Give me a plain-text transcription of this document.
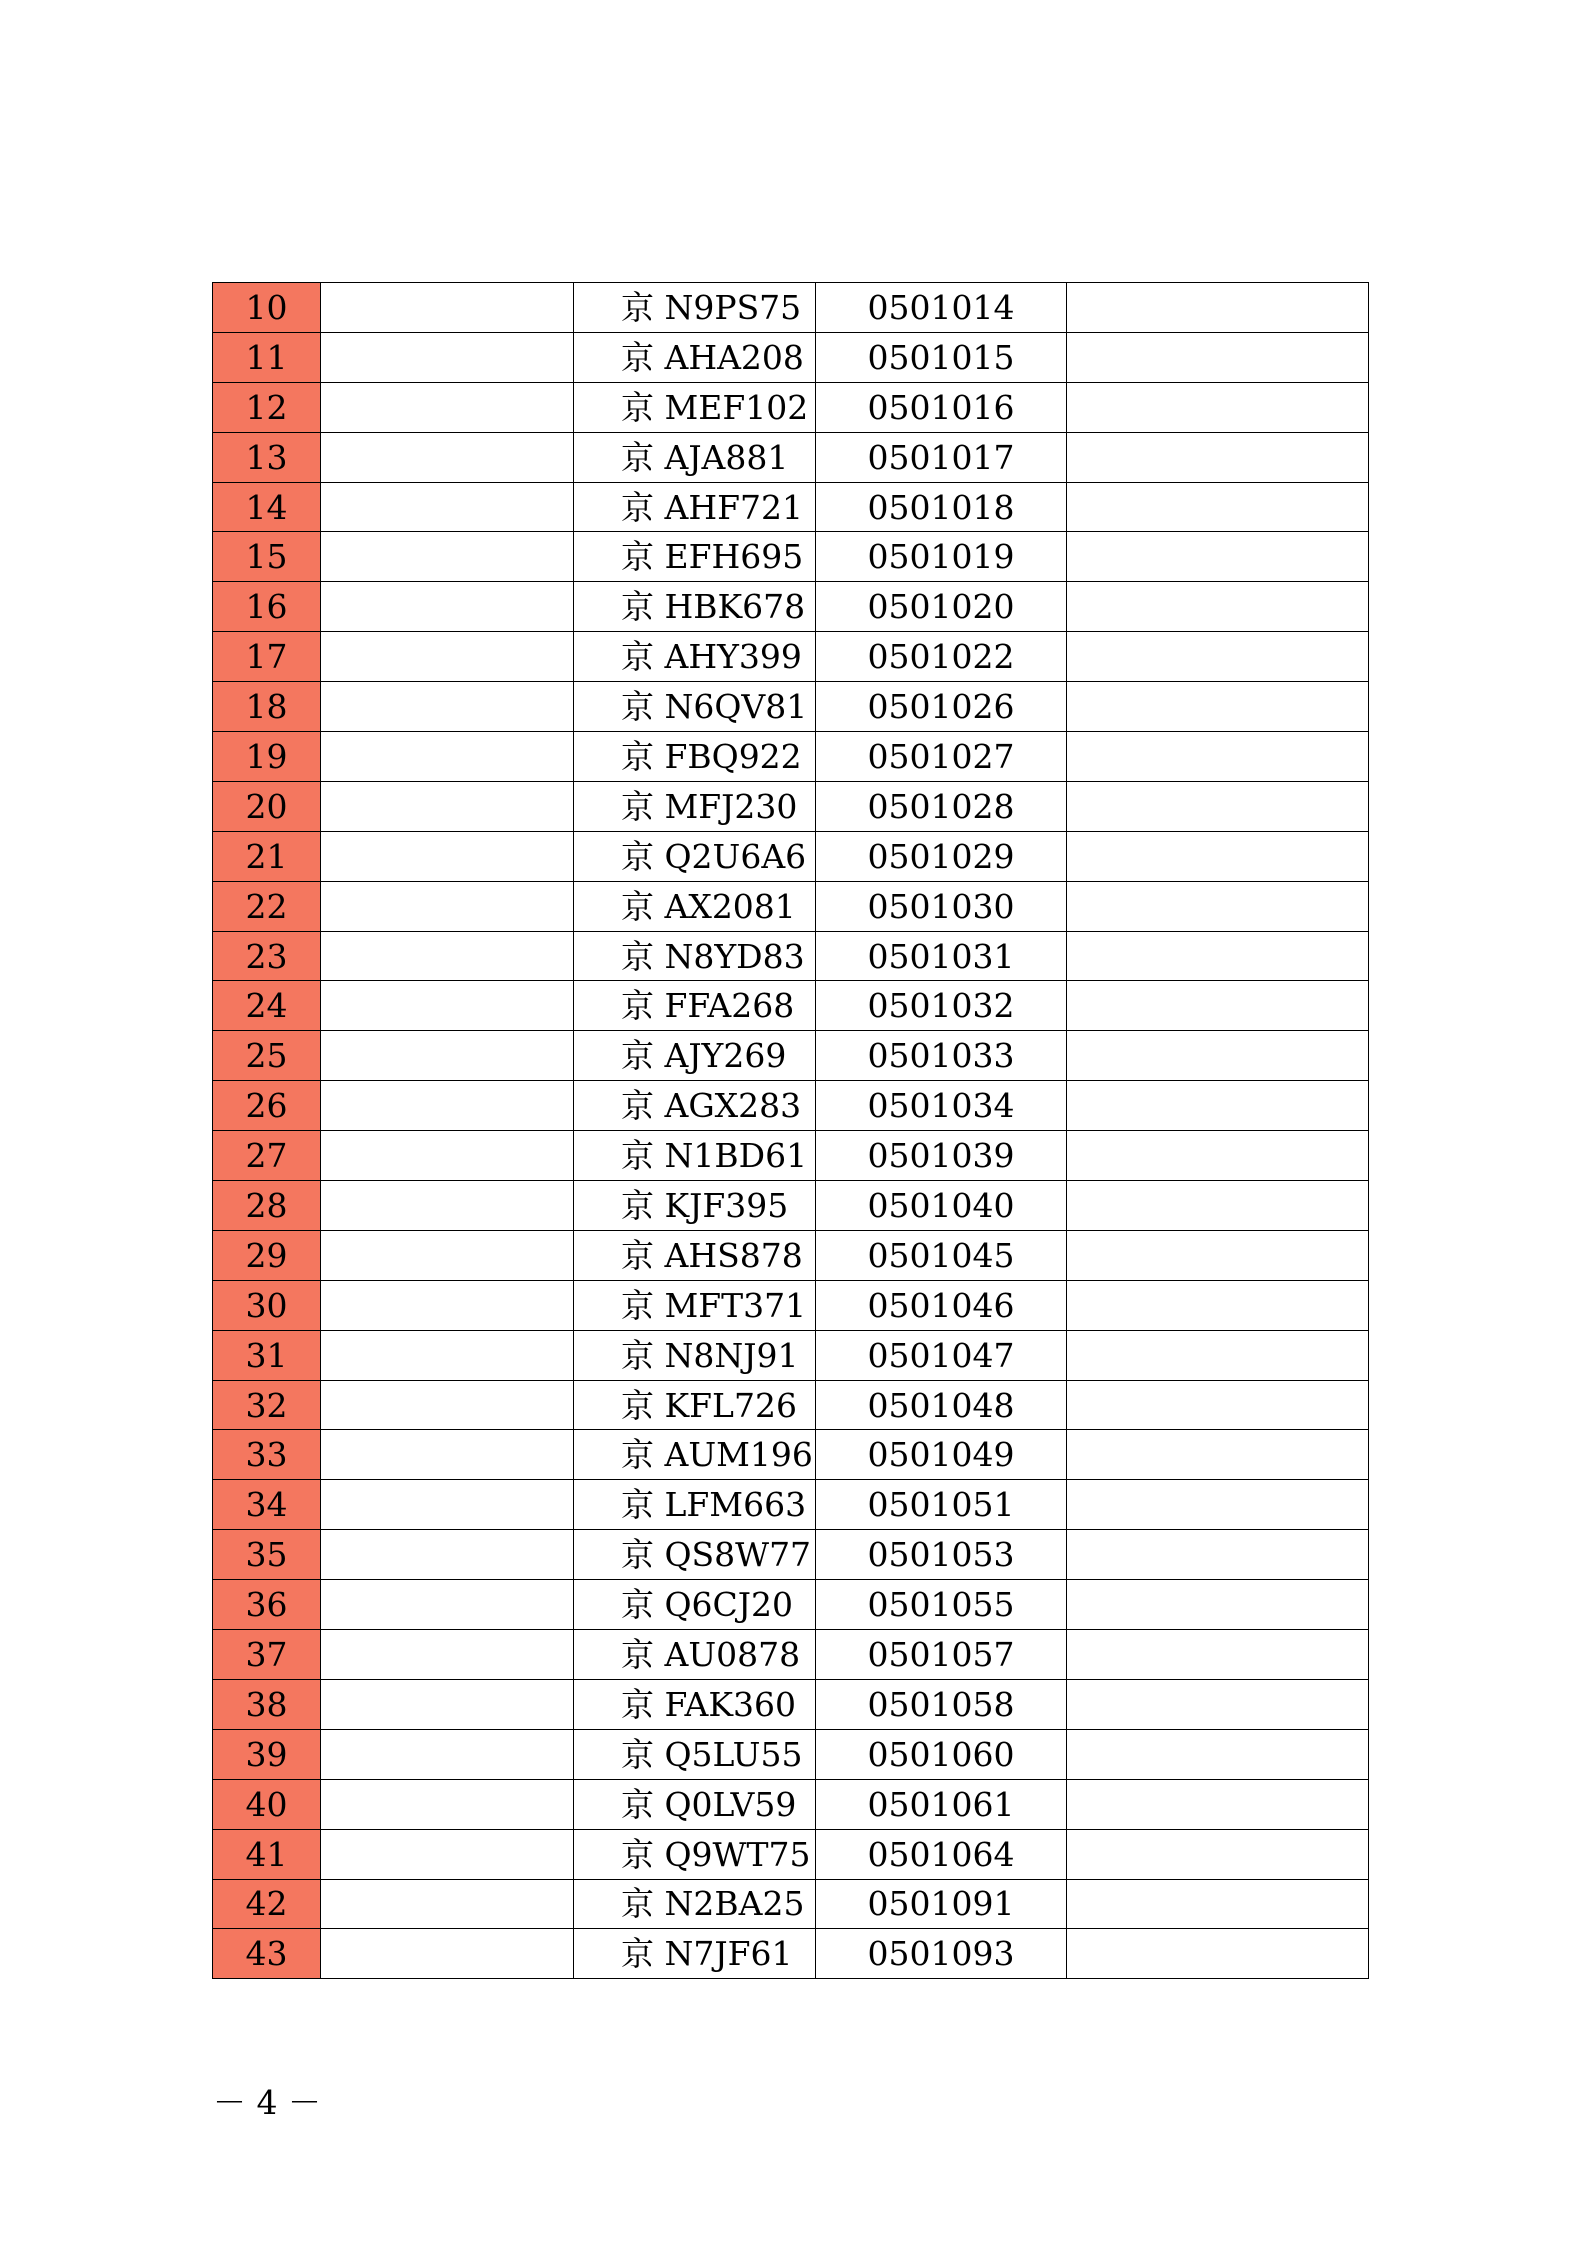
10		京 N9PS75	0501014	
11		京 AHA208	0501015	
12		京 MEF102	0501016	
13		京 AJA881	0501017	
14		京 AHF721	0501018	
15		京 EFH695	0501019	
16		京 HBK678	0501020	
17		京 AHY399	0501022	
18		京 N6QV81	0501026	
19		京 FBQ922	0501027	
20		京 MFJ230	0501028	
21		京 Q2U6A6	0501029	
22		京 AX2081	0501030	
23		京 N8YD83	0501031	
24		京 FFA268	0501032	
25		京 AJY269	0501033	
26		京 AGX283	0501034	
27		京 N1BD61	0501039	
28		京 KJF395	0501040	
29		京 AHS878	0501045	
30		京 MFT371	0501046	
31		京 N8NJ91	0501047	
32		京 KFL726	0501048	
33		京 AUM196	0501049	
34		京 LFM663	0501051	
35		京 QS8W77	0501053	
36		京 Q6CJ20	0501055	
37		京 AU0878	0501057	
38		京 FAK360	0501058	
39		京 Q5LU55	0501060	
40		京 Q0LV59	0501061	
41		京 Q9WT75	0501064	
42		京 N2BA25	0501091	
43		京 N7JF61	0501093	
－ 4 －
